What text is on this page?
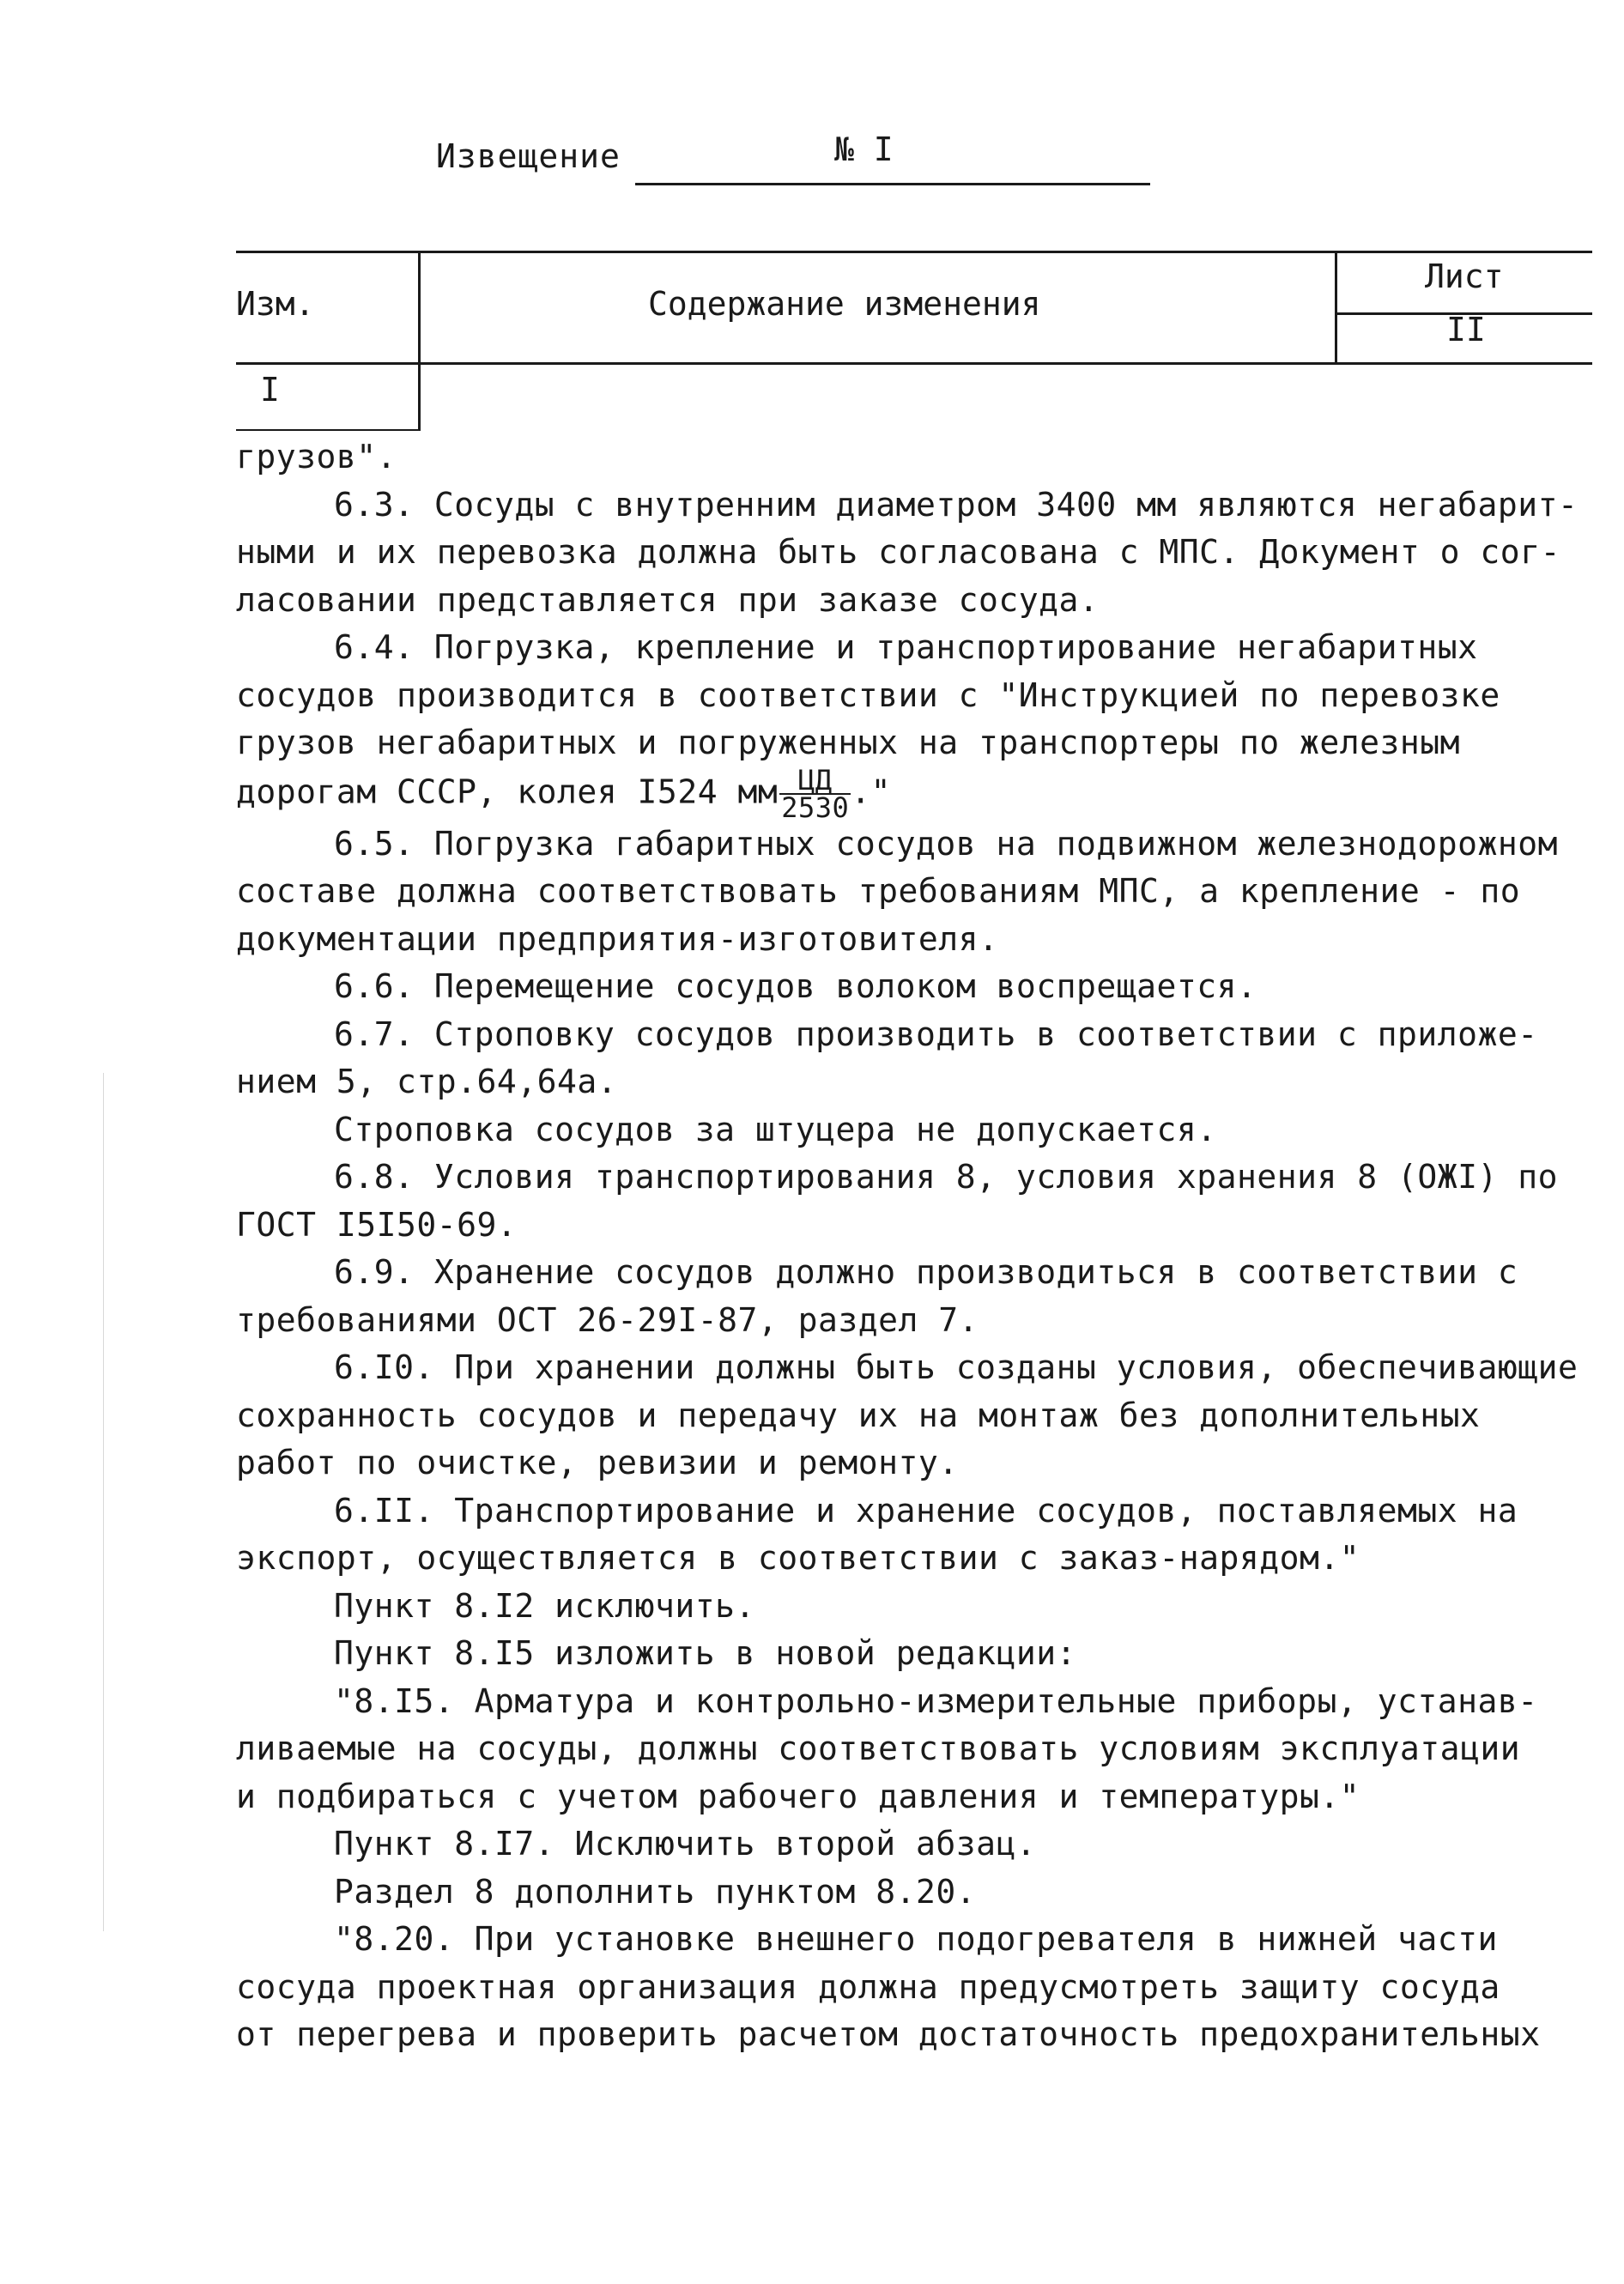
Извещение	№ I
Изм.	Содержание изменения
Лист
II
I

грузов".

6.3. Сосуды с внутренним диаметром 3400 мм являются негабарит-

ными и их перевозка должна быть согласована с МПС. Документ о сог-

ласовании представляется при заказе сосуда.

6.4. Погрузка, крепление и транспортирование негабаритных

сосудов производится в соответствии с "Инструкцией по перевозке

грузов негабаритных и погруженных на транспортеры по железным

дорогам СССР, колея I524 мм $\frac{ЦД}{2530}$ ."

6.5. Погрузка габаритных сосудов на подвижном железнодорожном

составе должна соответствовать требованиям МПС, а крепление - по

документации предприятия-изготовителя.

6.6. Перемещение сосудов волоком воспрещается.

6.7. Строповку сосудов производить в соответствии с приложе-

нием 5, стр.64,64а.

Строповка сосудов за штуцера не допускается.

6.8. Условия транспортирования 8, условия хранения 8 (ОЖI) по

ГОСТ I5I50-69.

6.9. Хранение сосудов должно производиться в соответствии с

требованиями ОСТ 26-29I-87, раздел 7.

6.I0. При хранении должны быть созданы условия, обеспечивающие

сохранность сосудов и передачу их на монтаж без дополнительных

работ по очистке, ревизии и ремонту.

6.II. Транспортирование и хранение сосудов, поставляемых на

экспорт, осуществляется в соответствии с заказ-нарядом."

Пункт 8.I2 исключить.

Пункт 8.I5 изложить в новой редакции:

"8.I5. Арматура и контрольно-измерительные приборы, устанав-

ливаемые на сосуды, должны соответствовать условиям эксплуатации

и подбираться с учетом рабочего давления и температуры."

Пункт 8.I7. Исключить второй абзац.

Раздел 8 дополнить пунктом 8.20.

"8.20. При установке внешнего подогревателя в нижней части

сосуда проектная организация должна предусмотреть защиту сосуда

от перегрева и проверить расчетом достаточность предохранительных
